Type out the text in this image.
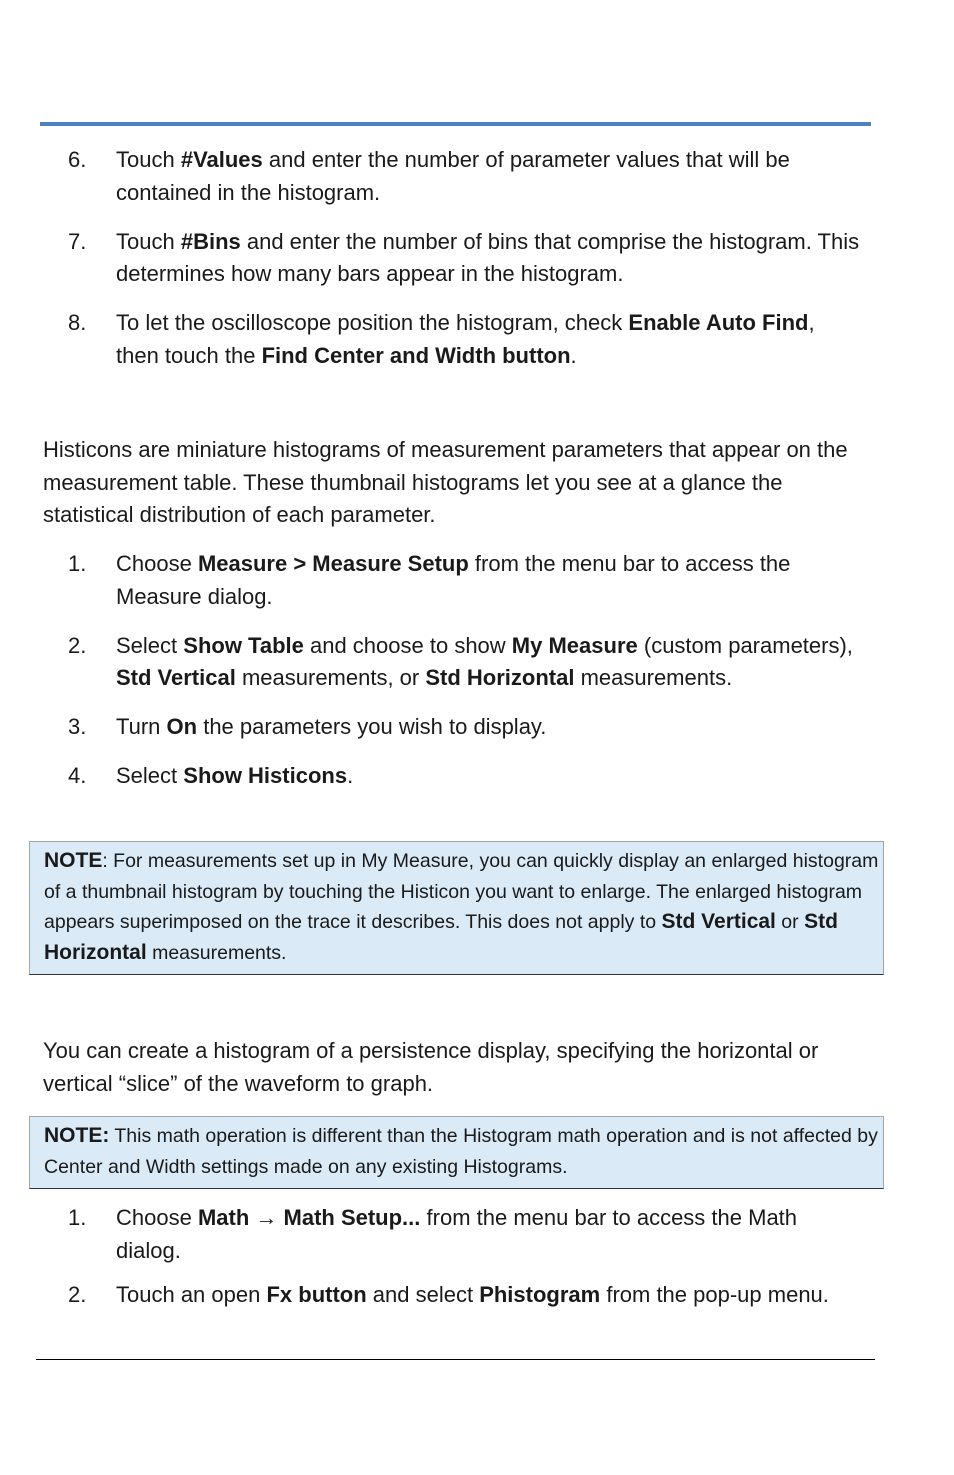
6.	Touch #Values and enter the number of parameter values that will be contained in the histogram.
7.	Touch #Bins and enter the number of bins that comprise the histogram. This determines how many bars appear in the histogram.
8.	To let the oscilloscope position the histogram, check Enable Auto Find, then touch the Find Center and Width button.

Histicons are miniature histograms of measurement parameters that appear on the measurement table. These thumbnail histograms let you see at a glance the statistical distribution of each parameter.

1.	Choose Measure > Measure Setup from the menu bar to access the Measure dialog.
2.	Select Show Table and choose to show My Measure (custom parameters), Std Vertical measurements, or Std Horizontal measurements.
3.	Turn On the parameters you wish to display.
4.	Select Show Histicons.
NOTE: For measurements set up in My Measure, you can quickly display an enlarged histogram of a thumbnail histogram by touching the Histicon you want to enlarge. The enlarged histogram appears superimposed on the trace it describes. This does not apply to Std Vertical or Std Horizontal measurements.

You can create a histogram of a persistence display, specifying the horizontal or vertical “slice” of the waveform to graph.

NOTE: This math operation is different than the Histogram math operation and is not affected by Center and Width settings made on any existing Histograms.
1.	Choose Math → Math Setup... from the menu bar to access the Math dialog.
2.	Touch an open Fx button and select Phistogram from the pop-up menu.
